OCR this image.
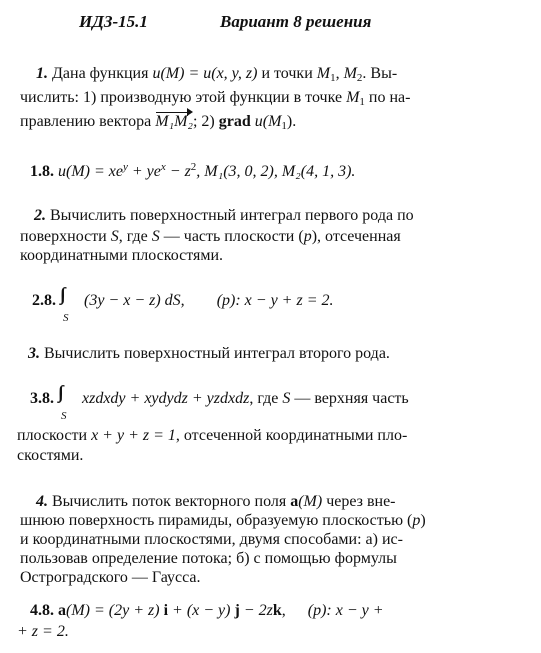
ИДЗ-15.1	Вариант 8 решения
1. Дана функция u(M) = u(x, y, z) и точки $M_1$, $M_2$. Вы-
числить: 1) производную этой функции в точке $M_1$ по на-
правлению вектора M₁M₂; 2) grad $u(M_1)$.
1.8. $u(M) = xe^y + ye^x - z^2$, M₁(3, 0, 2), M₂(4, 1, 3).
2. Вычислить поверхностный интеграл первого рода по
поверхности S, где S — часть плоскости (p), отсеченная
координатными плоскостями.
2.8. ∫∫
S
(3y − x − z) dS, (p): x − y + z = 2.
3. Вычислить поверхностный интеграл второго рода.
3.8. ∫∫
S
xzdxdy + xydydz + yzdxdz, где S — верхняя часть
плоскости x + y + z = 1, отсеченной координатными пло-
скостями.
4. Вычислить поток векторного поля a(M) через вне-
шнюю поверхность пирамиды, образуемую плоскостью (p)
и координатными плоскостями, двумя способами: а) ис-
пользовав определение потока; б) с помощью формулы
Остроградского — Гаусса.
4.8. a(M) = (2y + z) i + (x − y) j − 2zk, (p): x − y +
+ z = 2.
